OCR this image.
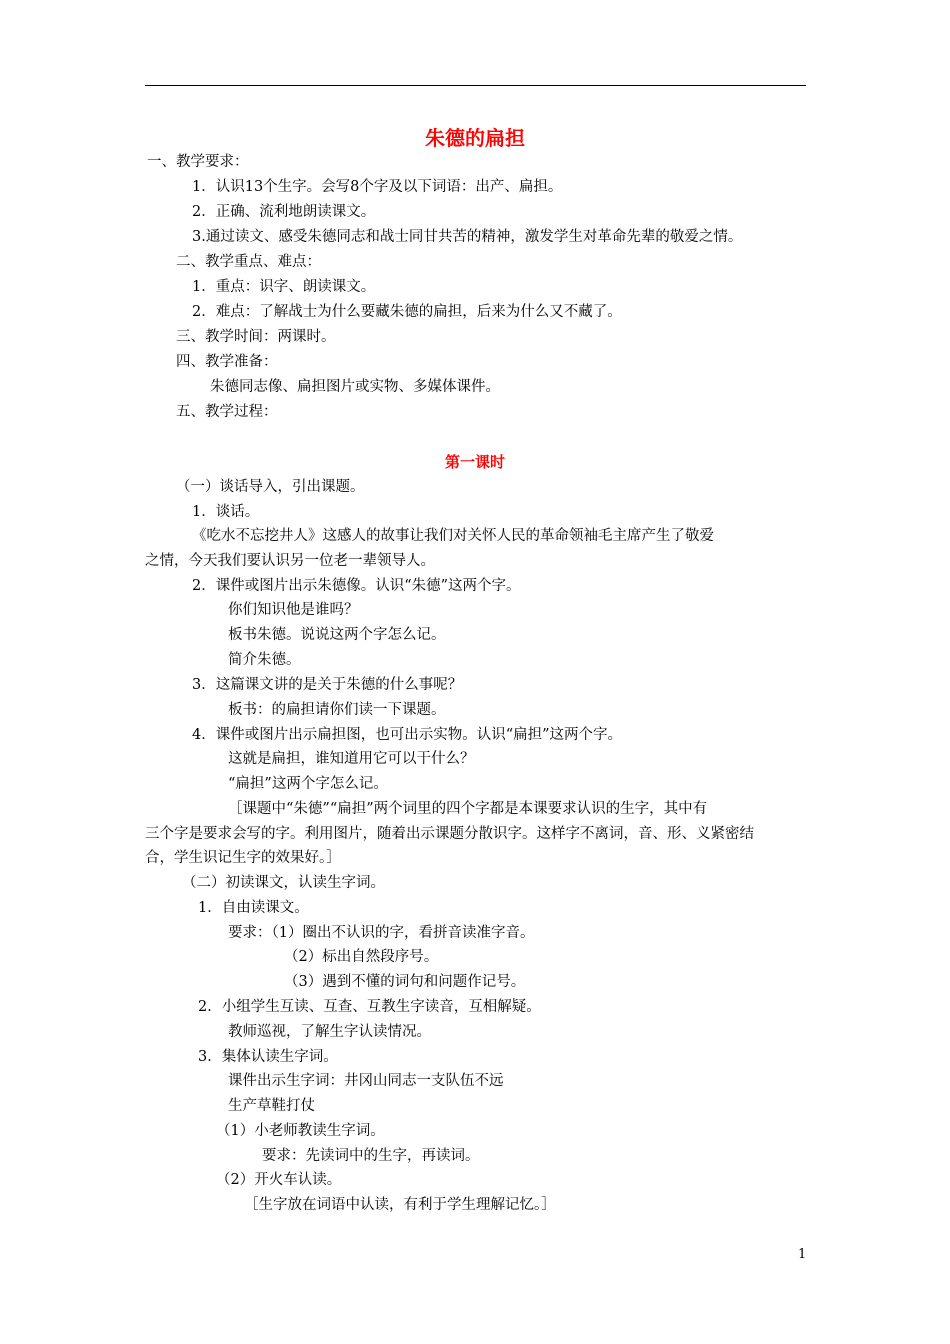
朱德的扁担
一、教学要求：
1．认识13个生字。会写8个字及以下词语：出产、扁担。
2．正确、流利地朗读课文。
3.通过读文、感受朱德同志和战士同甘共苦的精神，激发学生对革命先辈的敬爱之情。
二、教学重点、难点：
1．重点：识字、朗读课文。
2．难点：了解战士为什么要藏朱德的扁担，后来为什么又不藏了。
三、教学时间：两课时。
四、教学准备：
朱德同志像、扁担图片或实物、多媒体课件。
五、教学过程：
第一课时
（一）谈话导入，引出课题。
1．谈话。
《吃水不忘挖井人》这感人的故事让我们对关怀人民的革命领袖毛主席产生了敬爱
之情，今天我们要认识另一位老一辈领导人。
2．课件或图片出示朱德像。认识“朱德”这两个字。
你们知识他是谁吗？
板书朱德。说说这两个字怎么记。
简介朱德。
3．这篇课文讲的是关于朱德的什么事呢？
板书：的扁担请你们读一下课题。
4．课件或图片出示扁担图，也可出示实物。认识“扁担”这两个字。
这就是扁担，谁知道用它可以干什么？
“扁担”这两个字怎么记。
［课题中“朱德”“扁担”两个词里的四个字都是本课要求认识的生字，其中有
三个字是要求会写的字。利用图片，随着出示课题分散识字。这样字不离词，音、形、义紧密结
合，学生识记生字的效果好。］
（二）初读课文，认读生字词。
1．自由读课文。
要求：（1）圈出不认识的字，看拼音读准字音。
（2）标出自然段序号。
（3）遇到不懂的词句和问题作记号。
2．小组学生互读、互查、互教生字读音，互相解疑。
教师巡视，了解生字认读情况。
3．集体认读生字词。
课件出示生字词：井冈山同志一支队伍不远
生产草鞋打仗
（1）小老师教读生字词。
要求：先读词中的生字，再读词。
（2）开火车认读。
［生字放在词语中认读，有利于学生理解记忆。］
1
